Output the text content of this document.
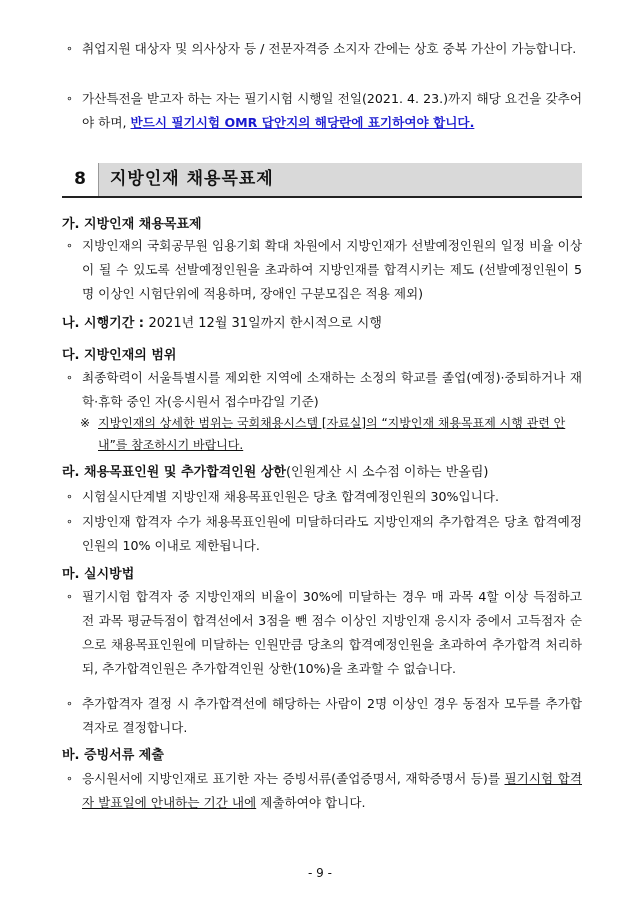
∘ 취업지원 대상자 및 의사상자 등 / 전문자격증 소지자 간에는 상호 중복 가산이 가능합니다.
∘ 가산특전을 받고자 하는 자는 필기시험 시행일 전일(2021. 4. 23.)까지 해당 요건을 갖추어야 하며, 반드시 필기시험 OMR 답안지의 해당란에 표기하여야 합니다.
8	지방인재 채용목표제
가. 지방인재 채용목표제
∘ 지방인재의 국회공무원 임용기회 확대 차원에서 지방인재가 선발예정인원의 일정 비율 이상이 될 수 있도록 선발예정인원을 초과하여 지방인재를 합격시키는 제도 (선발예정인원이 5명 이상인 시험단위에 적용하며, 장애인 구분모집은 적용 제외)
나. 시행기간 : 2021년 12월 31일까지 한시적으로 시행
다. 지방인재의 범위
∘ 최종학력이 서울특별시를 제외한 지역에 소재하는 소정의 학교를 졸업(예정)·중퇴하거나 재학·휴학 중인 자(응시원서 접수마감일 기준)
※ 지방인재의 상세한 범위는 국회채용시스템 [자료실]의 “지방인재 채용목표제 시행 관련 안내”를 참조하시기 바랍니다.
라. 채용목표인원 및 추가합격인원 상한(인원계산 시 소수점 이하는 반올림)
∘ 시험실시단계별 지방인재 채용목표인원은 당초 합격예정인원의 30%입니다.
∘ 지방인재 합격자 수가 채용목표인원에 미달하더라도 지방인재의 추가합격은 당초 합격예정인원의 10% 이내로 제한됩니다.
마. 실시방법
∘ 필기시험 합격자 중 지방인재의 비율이 30%에 미달하는 경우 매 과목 4할 이상 득점하고 전 과목 평균득점이 합격선에서 3점을 뺀 점수 이상인 지방인재 응시자 중에서 고득점자 순으로 채용목표인원에 미달하는 인원만큼 당초의 합격예정인원을 초과하여 추가합격 처리하되, 추가합격인원은 추가합격인원 상한(10%)을 초과할 수 없습니다.
∘ 추가합격자 결정 시 추가합격선에 해당하는 사람이 2명 이상인 경우 동점자 모두를 추가합격자로 결정합니다.
바. 증빙서류 제출
∘ 응시원서에 지방인재로 표기한 자는 증빙서류(졸업증명서, 재학증명서 등)를 필기시험 합격자 발표일에 안내하는 기간 내에 제출하여야 합니다.
- 9 -
